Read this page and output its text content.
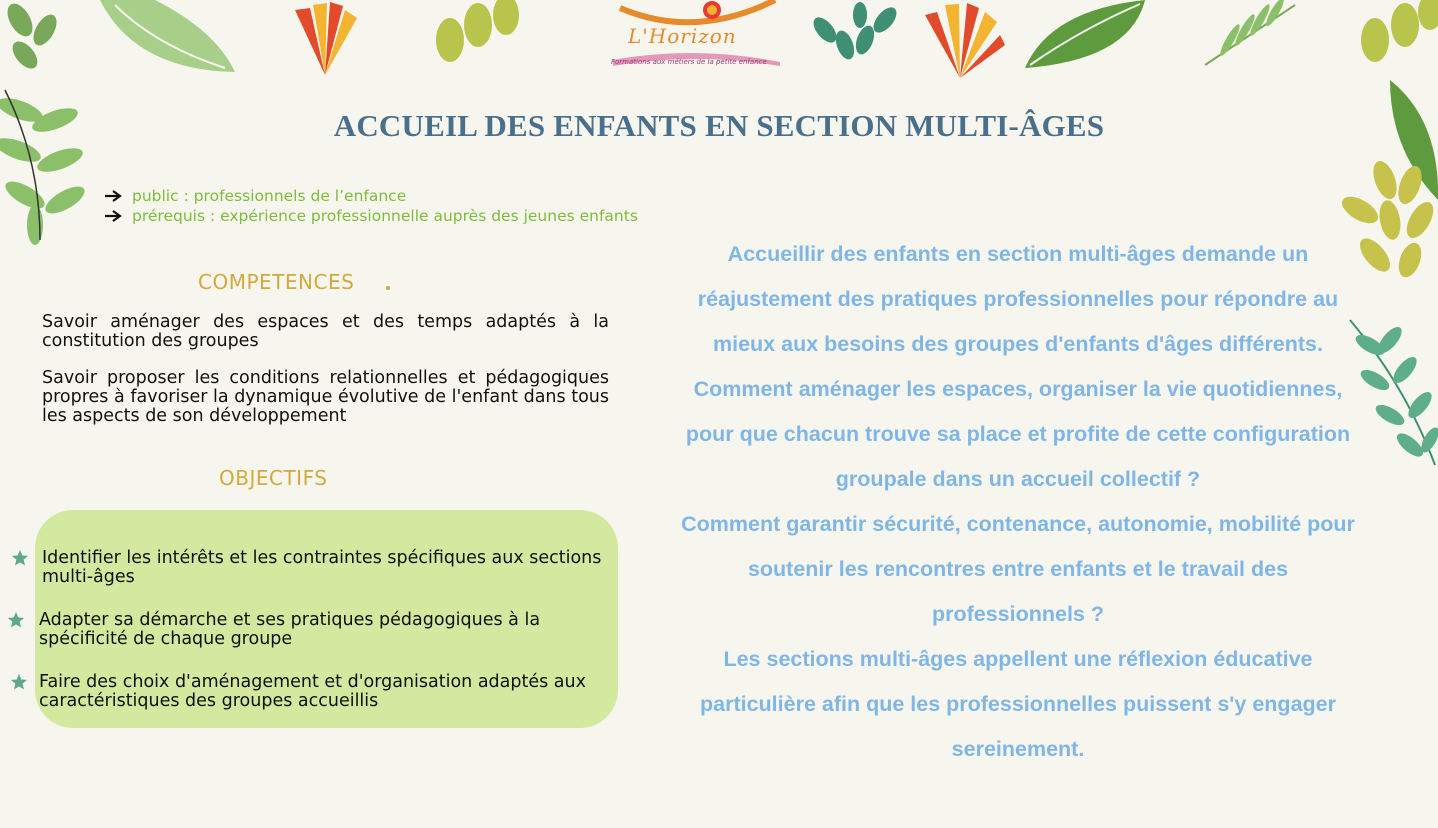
L'Horizon
Formations aux métiers de la petite enfance
ACCUEIL DES ENFANTS EN SECTION MULTI-ÂGES
public : professionnels de l’enfance
prérequis : expérience professionnelle auprès des jeunes enfants
COMPETENCES
Savoir aménager des espaces et des temps adaptés à la constitution des groupes
Savoir proposer les conditions relationnelles et pédagogiques propres à favoriser la dynamique évolutive de l'enfant dans tous les aspects de son développement
OBJECTIFS
Identifier les intérêts et les contraintes spécifiques aux sections multi-âges
Adapter sa démarche et ses pratiques pédagogiques à la spécificité de chaque groupe
Faire des choix d'aménagement et d'organisation adaptés aux caractéristiques des groupes accueillis

Accueillir des enfants en section multi-âges demande un réajustement des pratiques professionnelles pour répondre au mieux aux besoins des groupes d'enfants d'âges différents.

Comment aménager les espaces, organiser la vie quotidiennes, pour que chacun trouve sa place et profite de cette configuration groupale dans un accueil collectif ?

Comment garantir sécurité, contenance, autonomie, mobilité pour soutenir les rencontres entre enfants et le travail des professionnels ?

Les sections multi-âges appellent une réflexion éducative particulière afin que les professionnelles puissent s'y engager sereinement.
